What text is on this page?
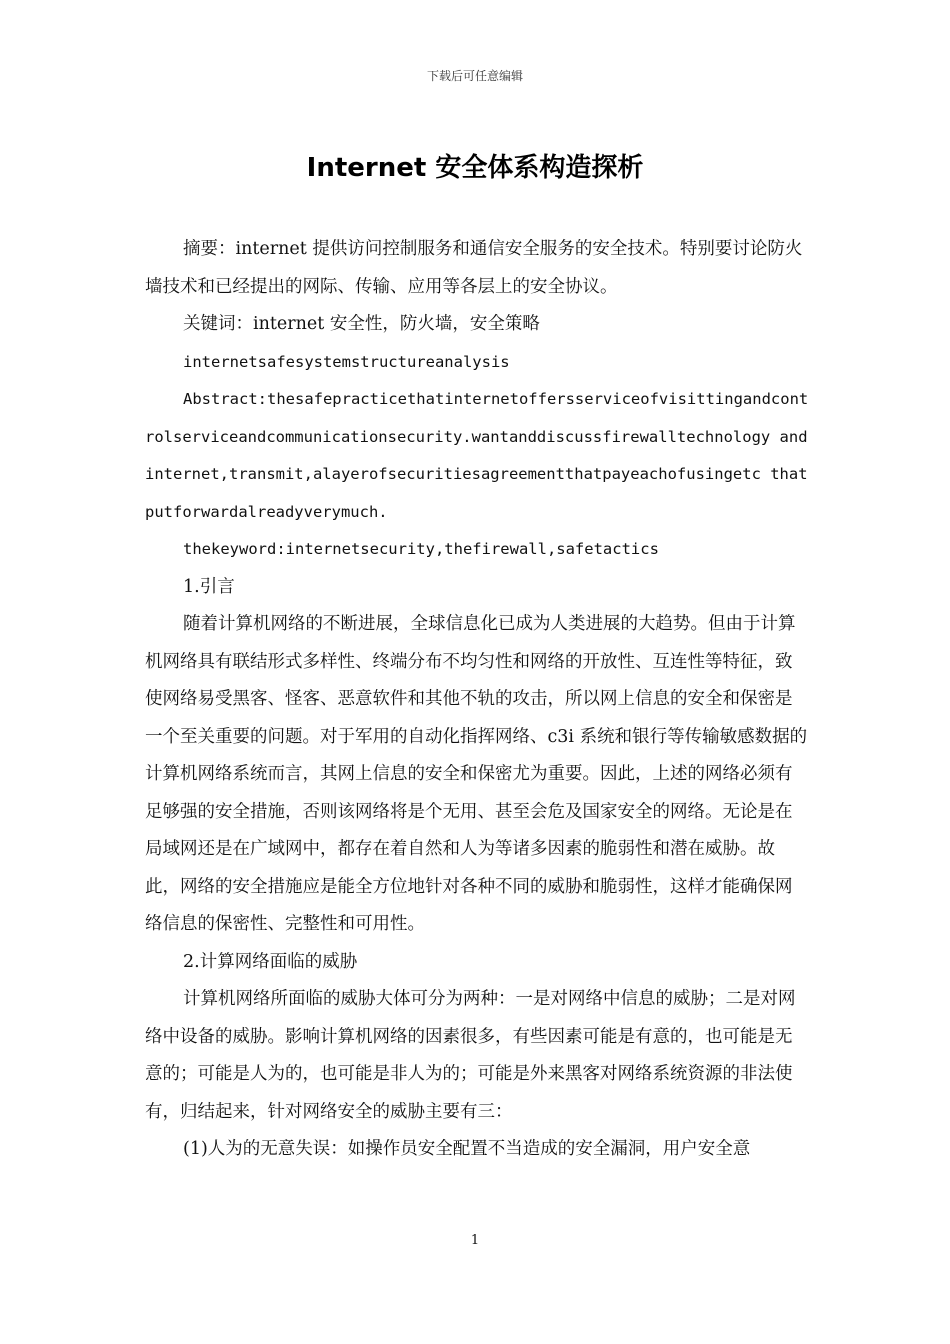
下载后可任意编辑
Internet 安全体系构造探析

摘要：internet 提供访问控制服务和通信安全服务的安全技术。特别要讨论防火墙技术和已经提出的网际、传输、应用等各层上的安全协议。

关键词：internet 安全性，防火墙，安全策略

internetsafesystemstructureanalysis

Abstract:thesafepracticethatinternetoffersserviceofvisittingandcontrolserviceandcommunicationsecurity.wantanddiscussfirewalltechnology andinternet,transmit,alayerofsecuritiesagreementthatpayeachofusingetc thatputforwardalreadyverymuch.

thekeyword:internetsecurity,thefirewall,safetactics

1.引言

随着计算机网络的不断进展，全球信息化已成为人类进展的大趋势。但由于计算机网络具有联结形式多样性、终端分布不均匀性和网络的开放性、互连性等特征，致使网络易受黑客、怪客、恶意软件和其他不轨的攻击，所以网上信息的安全和保密是一个至关重要的问题。对于军用的自动化指挥网络、c3i 系统和银行等传输敏感数据的计算机网络系统而言，其网上信息的安全和保密尤为重要。因此，上述的网络必须有足够强的安全措施，否则该网络将是个无用、甚至会危及国家安全的网络。无论是在局域网还是在广域网中，都存在着自然和人为等诸多因素的脆弱性和潜在威胁。故此，网络的安全措施应是能全方位地针对各种不同的威胁和脆弱性，这样才能确保网络信息的保密性、完整性和可用性。

2.计算网络面临的威胁

计算机网络所面临的威胁大体可分为两种：一是对网络中信息的威胁；二是对网络中设备的威胁。影响计算机网络的因素很多，有些因素可能是有意的，也可能是无意的；可能是人为的，也可能是非人为的；可能是外来黑客对网络系统资源的非法使有，归结起来，针对网络安全的威胁主要有三：

(1)人为的无意失误：如操作员安全配置不当造成的安全漏洞，用户安全意

1
